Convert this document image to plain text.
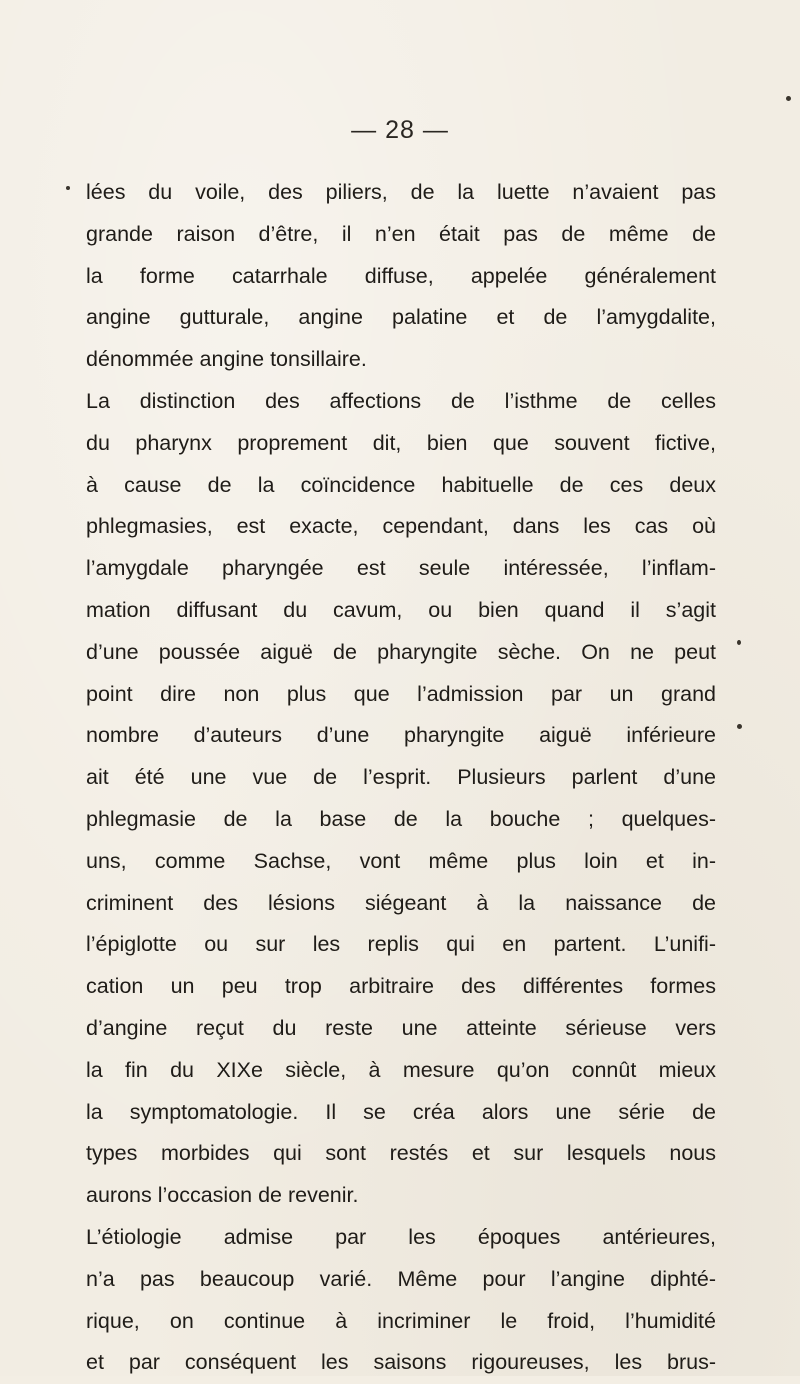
— 28 —
lées du voile, des piliers, de la luette n’avaient pas
grande raison d’être, il n’en était pas de même de
la forme catarrhale diffuse, appelée généralement
angine gutturale, angine palatine et de l’amygdalite,
dénommée angine tonsillaire.
La distinction des affections de l’isthme de celles
du pharynx proprement dit, bien que souvent fictive,
à cause de la coïncidence habituelle de ces deux
phlegmasies, est exacte, cependant, dans les cas où
l’amygdale pharyngée est seule intéressée, l’inflam-
mation diffusant du cavum, ou bien quand il s’agit
d’une poussée aiguë de pharyngite sèche. On ne peut
point dire non plus que l’admission par un grand
nombre d’auteurs d’une pharyngite aiguë inférieure
ait été une vue de l’esprit. Plusieurs parlent d’une
phlegmasie de la base de la bouche ; quelques-
uns, comme Sachse, vont même plus loin et in-
criminent des lésions siégeant à la naissance de
l’épiglotte ou sur les replis qui en partent. L’unifi-
cation un peu trop arbitraire des différentes formes
d’angine reçut du reste une atteinte sérieuse vers
la fin du XIXe siècle, à mesure qu’on connût mieux
la symptomatologie. Il se créa alors une série de
types morbides qui sont restés et sur lesquels nous
aurons l’occasion de revenir.
L’étiologie admise par les époques antérieures,
n’a pas beaucoup varié. Même pour l’angine diphté-
rique, on continue à incriminer le froid, l’humidité
et par conséquent les saisons rigoureuses, les brus-
